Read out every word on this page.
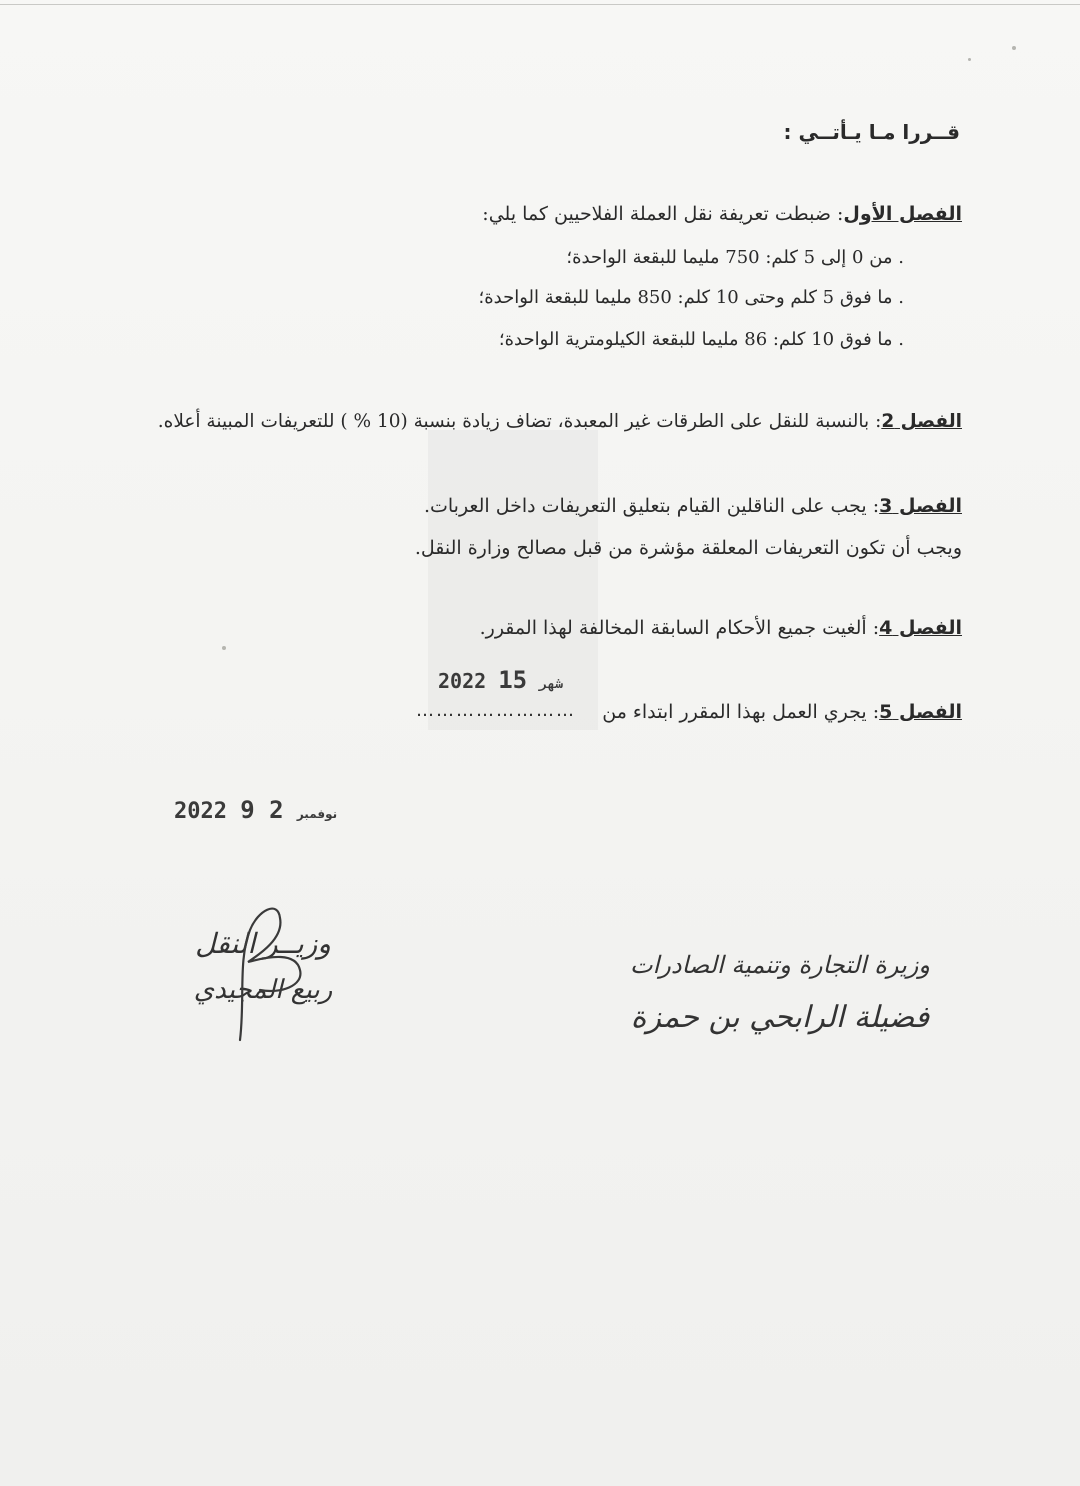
قــررا مـا يـأتــي :
الفصل الأول: ضبطت تعريفة نقل العملة الفلاحيين كما يلي:
. من 0 إلى 5 كلم: 750 مليما للبقعة الواحدة؛
. ما فوق 5 كلم وحتى 10 كلم: 850 مليما للبقعة الواحدة؛
. ما فوق 10 كلم: 86 مليما للبقعة الكيلومترية الواحدة؛
الفصل 2: بالنسبة للنقل على الطرقات غير المعبدة، تضاف زيادة بنسبة (10 % ) للتعريفات المبينة أعلاه.
الفصل 3: يجب على الناقلين القيام بتعليق التعريفات داخل العربات.
ويجب أن تكون التعريفات المعلقة مؤشرة من قبل مصالح وزارة النقل.
الفصل 4: ألغيت جميع الأحكام السابقة المخالفة لهذا المقرر.
2022	شهر 15
الفصل 5: يجري العمل بهذا المقرر ابتداء من
……………………
2022	نوفمبر 2 9
وزيــر النقل
ربيع المجيدي
وزيرة التجارة وتنمية الصادرات
فضيلة الرابحي بن حمزة
